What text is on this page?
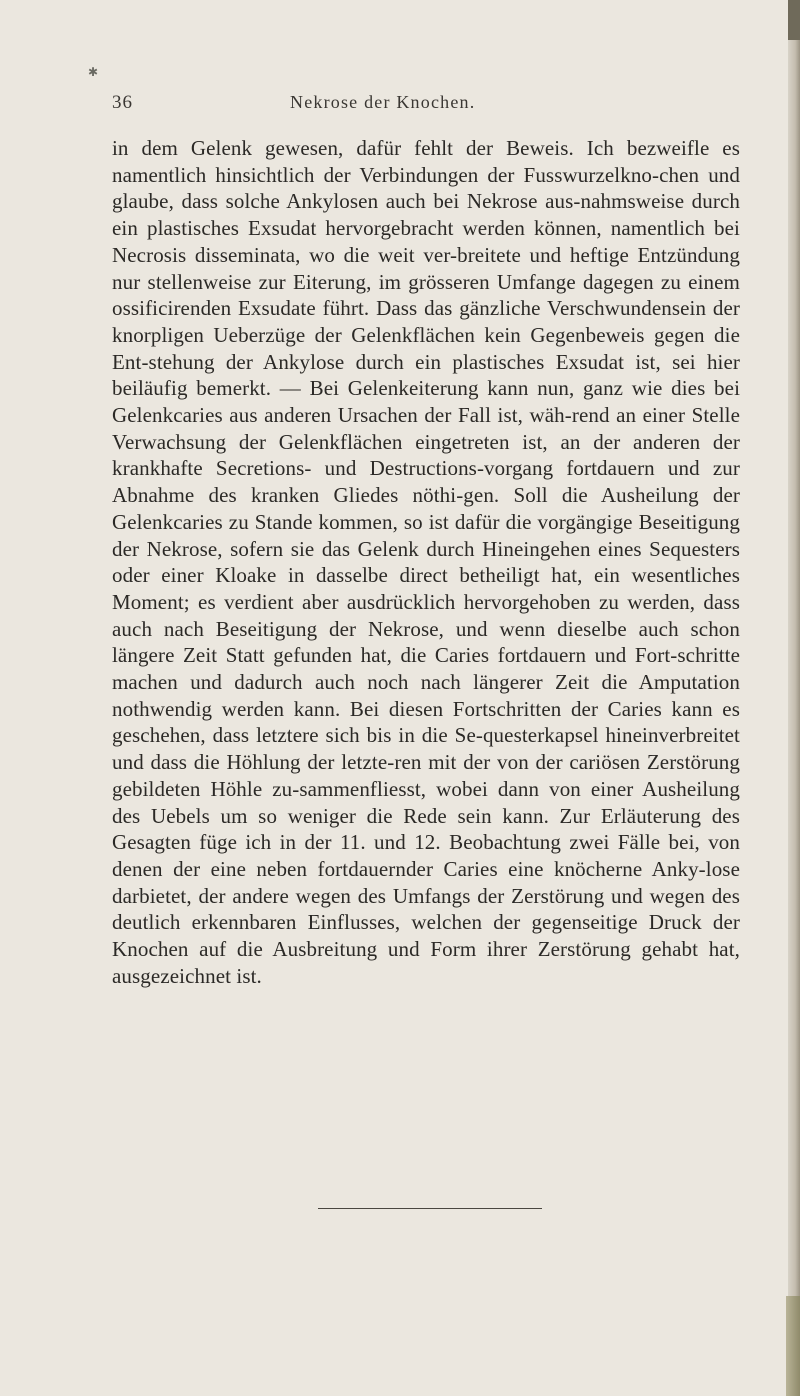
✱
36	Nekrose der Knochen.

in dem Gelenk gewesen, dafür fehlt der Beweis. Ich bezweifle es namentlich hinsichtlich der Verbindungen der Fusswurzelkno-chen und glaube, dass solche Ankylosen auch bei Nekrose aus-nahmsweise durch ein plastisches Exsudat hervorgebracht werden können, namentlich bei Necrosis disseminata, wo die weit ver-breitete und heftige Entzündung nur stellenweise zur Eiterung, im grösseren Umfange dagegen zu einem ossificirenden Exsudate führt. Dass das gänzliche Verschwundensein der knorpligen Ueberzüge der Gelenkflächen kein Gegenbeweis gegen die Ent-stehung der Ankylose durch ein plastisches Exsudat ist, sei hier beiläufig bemerkt. — Bei Gelenkeiterung kann nun, ganz wie dies bei Gelenkcaries aus anderen Ursachen der Fall ist, wäh-rend an einer Stelle Verwachsung der Gelenkflächen eingetreten ist, an der anderen der krankhafte Secretions- und Destructions-vorgang fortdauern und zur Abnahme des kranken Gliedes nöthi-gen. Soll die Ausheilung der Gelenkcaries zu Stande kommen, so ist dafür die vorgängige Beseitigung der Nekrose, sofern sie das Gelenk durch Hineingehen eines Sequesters oder einer Kloake in dasselbe direct betheiligt hat, ein wesentliches Moment; es verdient aber ausdrücklich hervorgehoben zu werden, dass auch nach Beseitigung der Nekrose, und wenn dieselbe auch schon längere Zeit Statt gefunden hat, die Caries fortdauern und Fort-schritte machen und dadurch auch noch nach längerer Zeit die Amputation nothwendig werden kann. Bei diesen Fortschritten der Caries kann es geschehen, dass letztere sich bis in die Se-questerkapsel hineinverbreitet und dass die Höhlung der letzte-ren mit der von der cariösen Zerstörung gebildeten Höhle zu-sammenfliesst, wobei dann von einer Ausheilung des Uebels um so weniger die Rede sein kann. Zur Erläuterung des Gesagten füge ich in der 11. und 12. Beobachtung zwei Fälle bei, von denen der eine neben fortdauernder Caries eine knöcherne Anky-lose darbietet, der andere wegen des Umfangs der Zerstörung und wegen des deutlich erkennbaren Einflusses, welchen der gegenseitige Druck der Knochen auf die Ausbreitung und Form ihrer Zerstörung gehabt hat, ausgezeichnet ist.
